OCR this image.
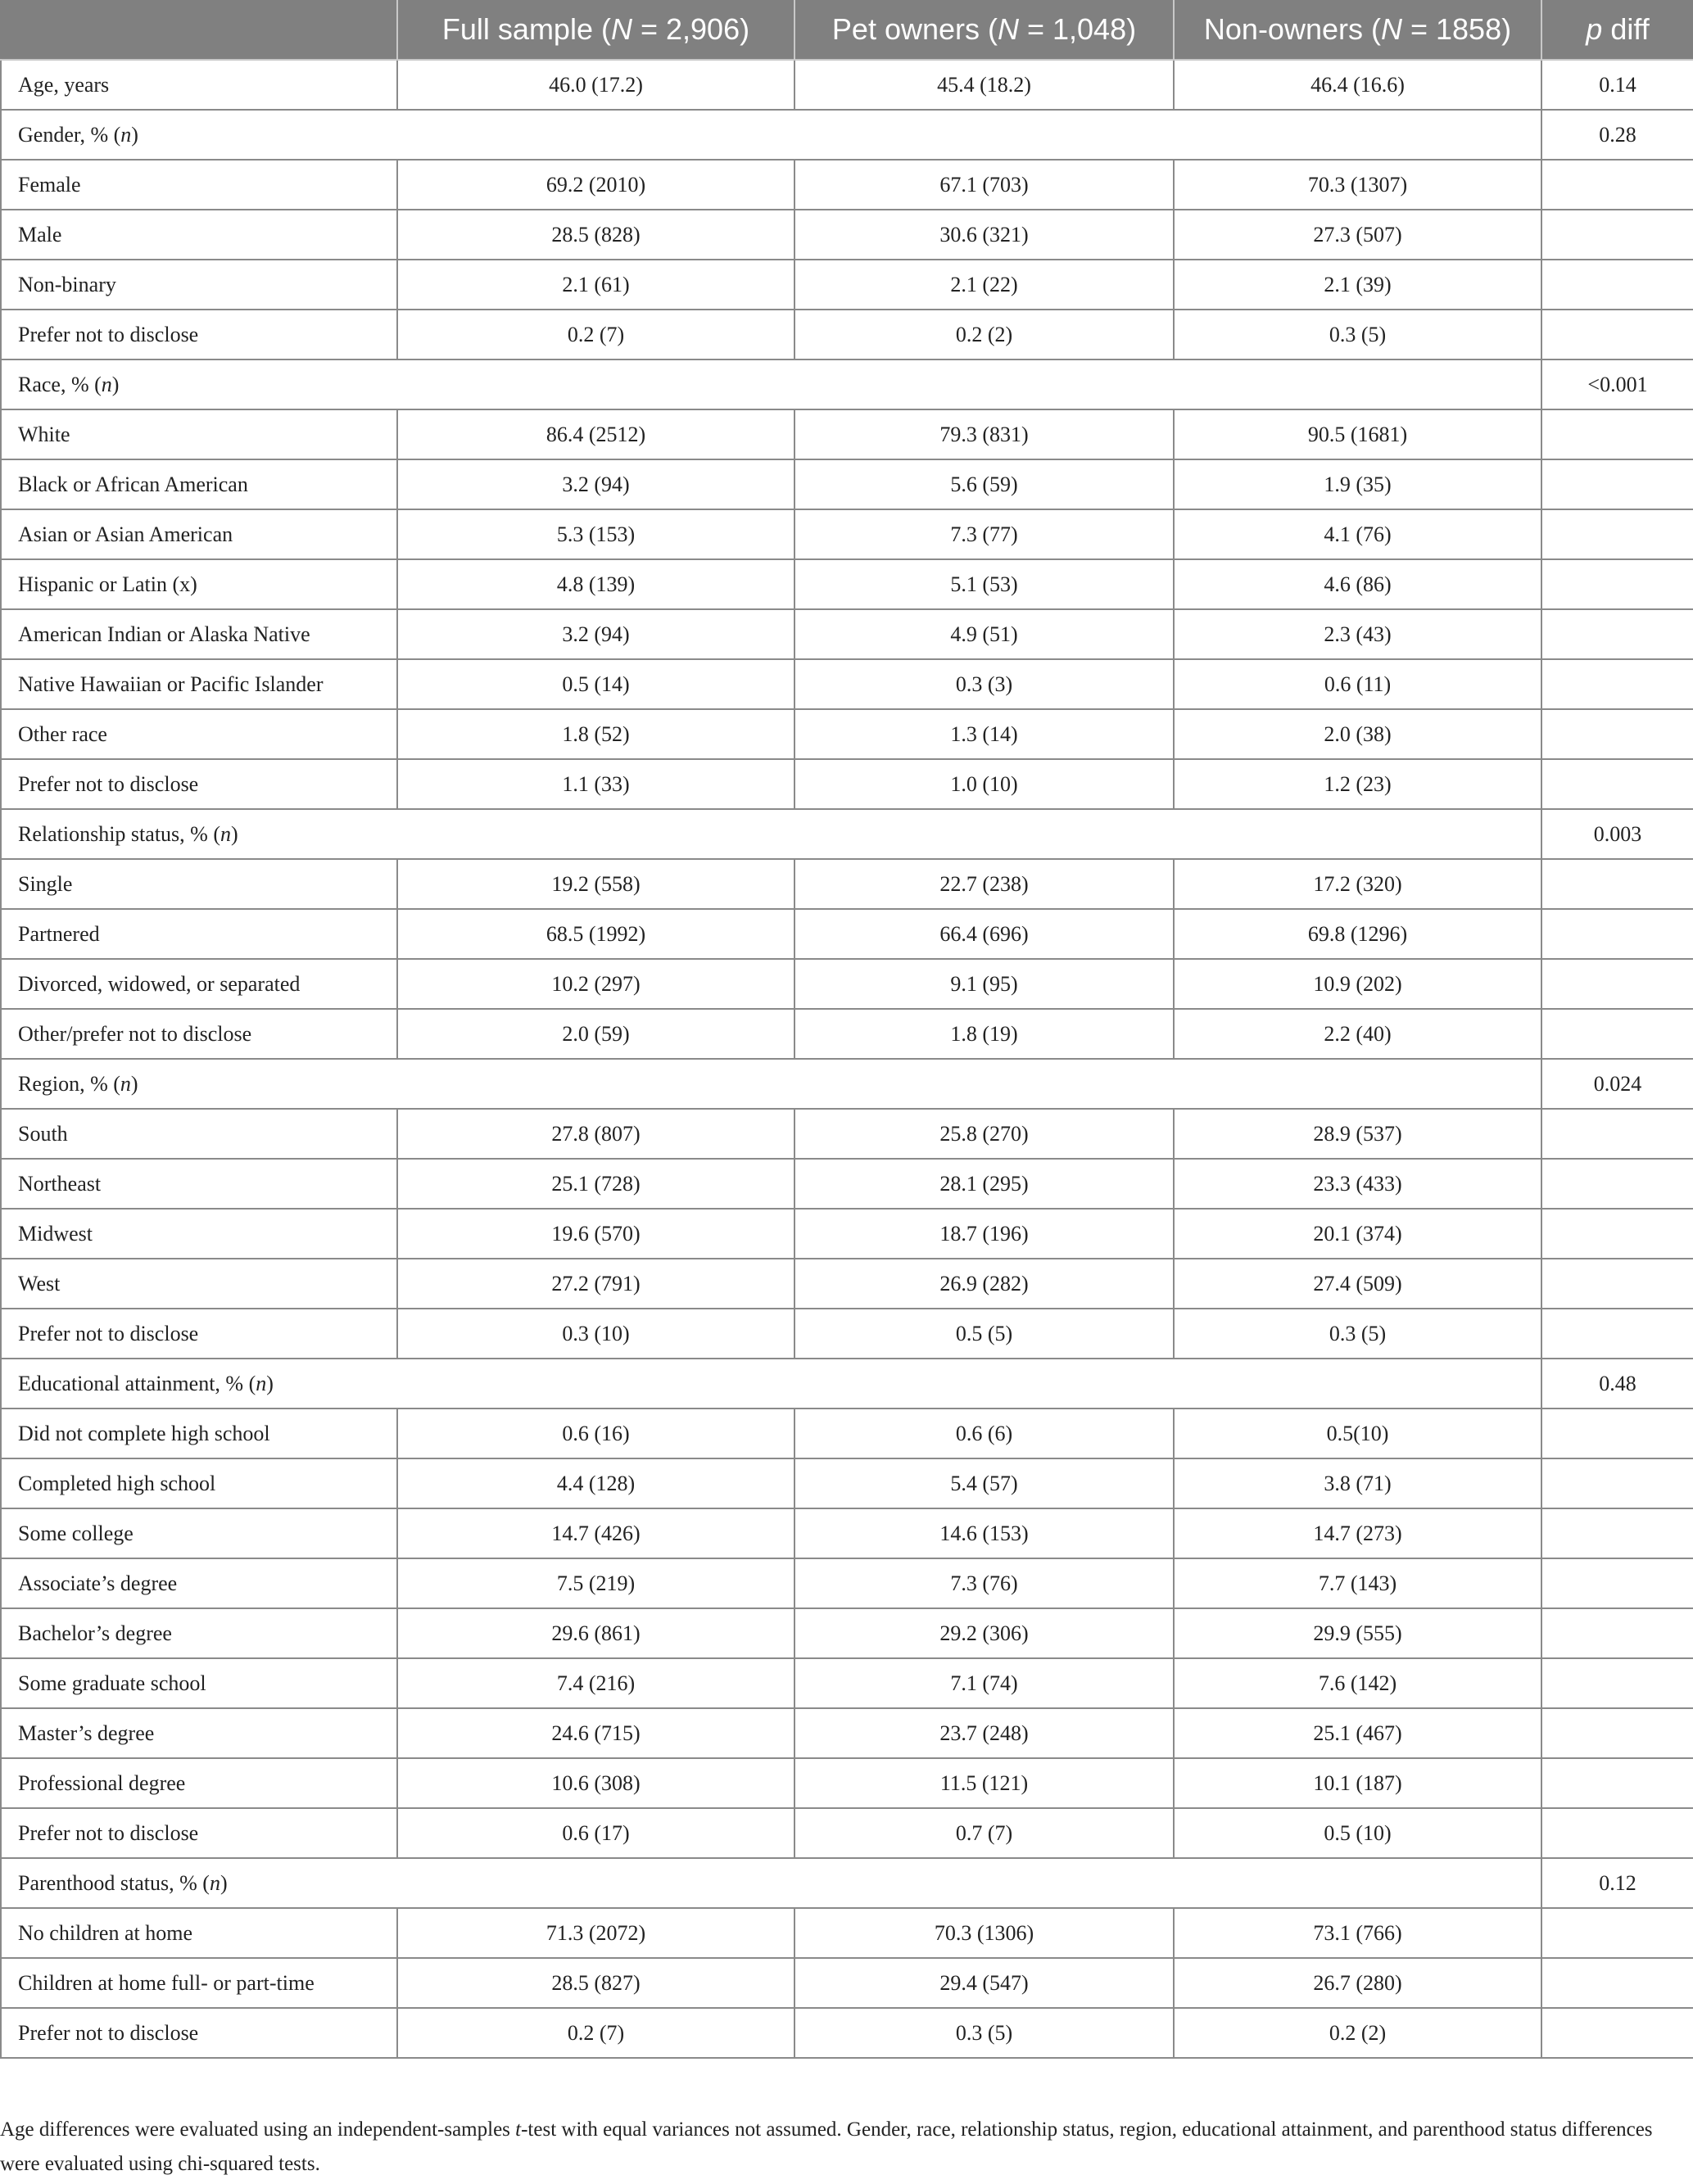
	Full sample (N = 2,906)	Pet owners (N = 1,048)	Non-owners (N = 1858)	p diff
Age, years	46.0 (17.2)	45.4 (18.2)	46.4 (16.6)	0.14
Gender, % (n)				0.28
Female	69.2 (2010)	67.1 (703)	70.3 (1307)	
Male	28.5 (828)	30.6 (321)	27.3 (507)	
Non-binary	2.1 (61)	2.1 (22)	2.1 (39)	
Prefer not to disclose	0.2 (7)	0.2 (2)	0.3 (5)	
Race, % (n)				<0.001
White	86.4 (2512)	79.3 (831)	90.5 (1681)	
Black or African American	3.2 (94)	5.6 (59)	1.9 (35)	
Asian or Asian American	5.3 (153)	7.3 (77)	4.1 (76)	
Hispanic or Latin (x)	4.8 (139)	5.1 (53)	4.6 (86)	
American Indian or Alaska Native	3.2 (94)	4.9 (51)	2.3 (43)	
Native Hawaiian or Pacific Islander	0.5 (14)	0.3 (3)	0.6 (11)	
Other race	1.8 (52)	1.3 (14)	2.0 (38)	
Prefer not to disclose	1.1 (33)	1.0 (10)	1.2 (23)	
Relationship status, % (n)				0.003
Single	19.2 (558)	22.7 (238)	17.2 (320)	
Partnered	68.5 (1992)	66.4 (696)	69.8 (1296)	
Divorced, widowed, or separated	10.2 (297)	9.1 (95)	10.9 (202)	
Other/prefer not to disclose	2.0 (59)	1.8 (19)	2.2 (40)	
Region, % (n)				0.024
South	27.8 (807)	25.8 (270)	28.9 (537)	
Northeast	25.1 (728)	28.1 (295)	23.3 (433)	
Midwest	19.6 (570)	18.7 (196)	20.1 (374)	
West	27.2 (791)	26.9 (282)	27.4 (509)	
Prefer not to disclose	0.3 (10)	0.5 (5)	0.3 (5)	
Educational attainment, % (n)				0.48
Did not complete high school	0.6 (16)	0.6 (6)	0.5(10)	
Completed high school	4.4 (128)	5.4 (57)	3.8 (71)	
Some college	14.7 (426)	14.6 (153)	14.7 (273)	
Associate’s degree	7.5 (219)	7.3 (76)	7.7 (143)	
Bachelor’s degree	29.6 (861)	29.2 (306)	29.9 (555)	
Some graduate school	7.4 (216)	7.1 (74)	7.6 (142)	
Master’s degree	24.6 (715)	23.7 (248)	25.1 (467)	
Professional degree	10.6 (308)	11.5 (121)	10.1 (187)	
Prefer not to disclose	0.6 (17)	0.7 (7)	0.5 (10)	
Parenthood status, % (n)				0.12
No children at home	71.3 (2072)	70.3 (1306)	73.1 (766)	
Children at home full- or part-time	28.5 (827)	29.4 (547)	26.7 (280)	
Prefer not to disclose	0.2 (7)	0.3 (5)	0.2 (2)	

Age differences were evaluated using an independent-samples t-test with equal variances not assumed. Gender, race, relationship status, region, educational attainment, and parenthood status differences were evaluated using chi-squared tests.
